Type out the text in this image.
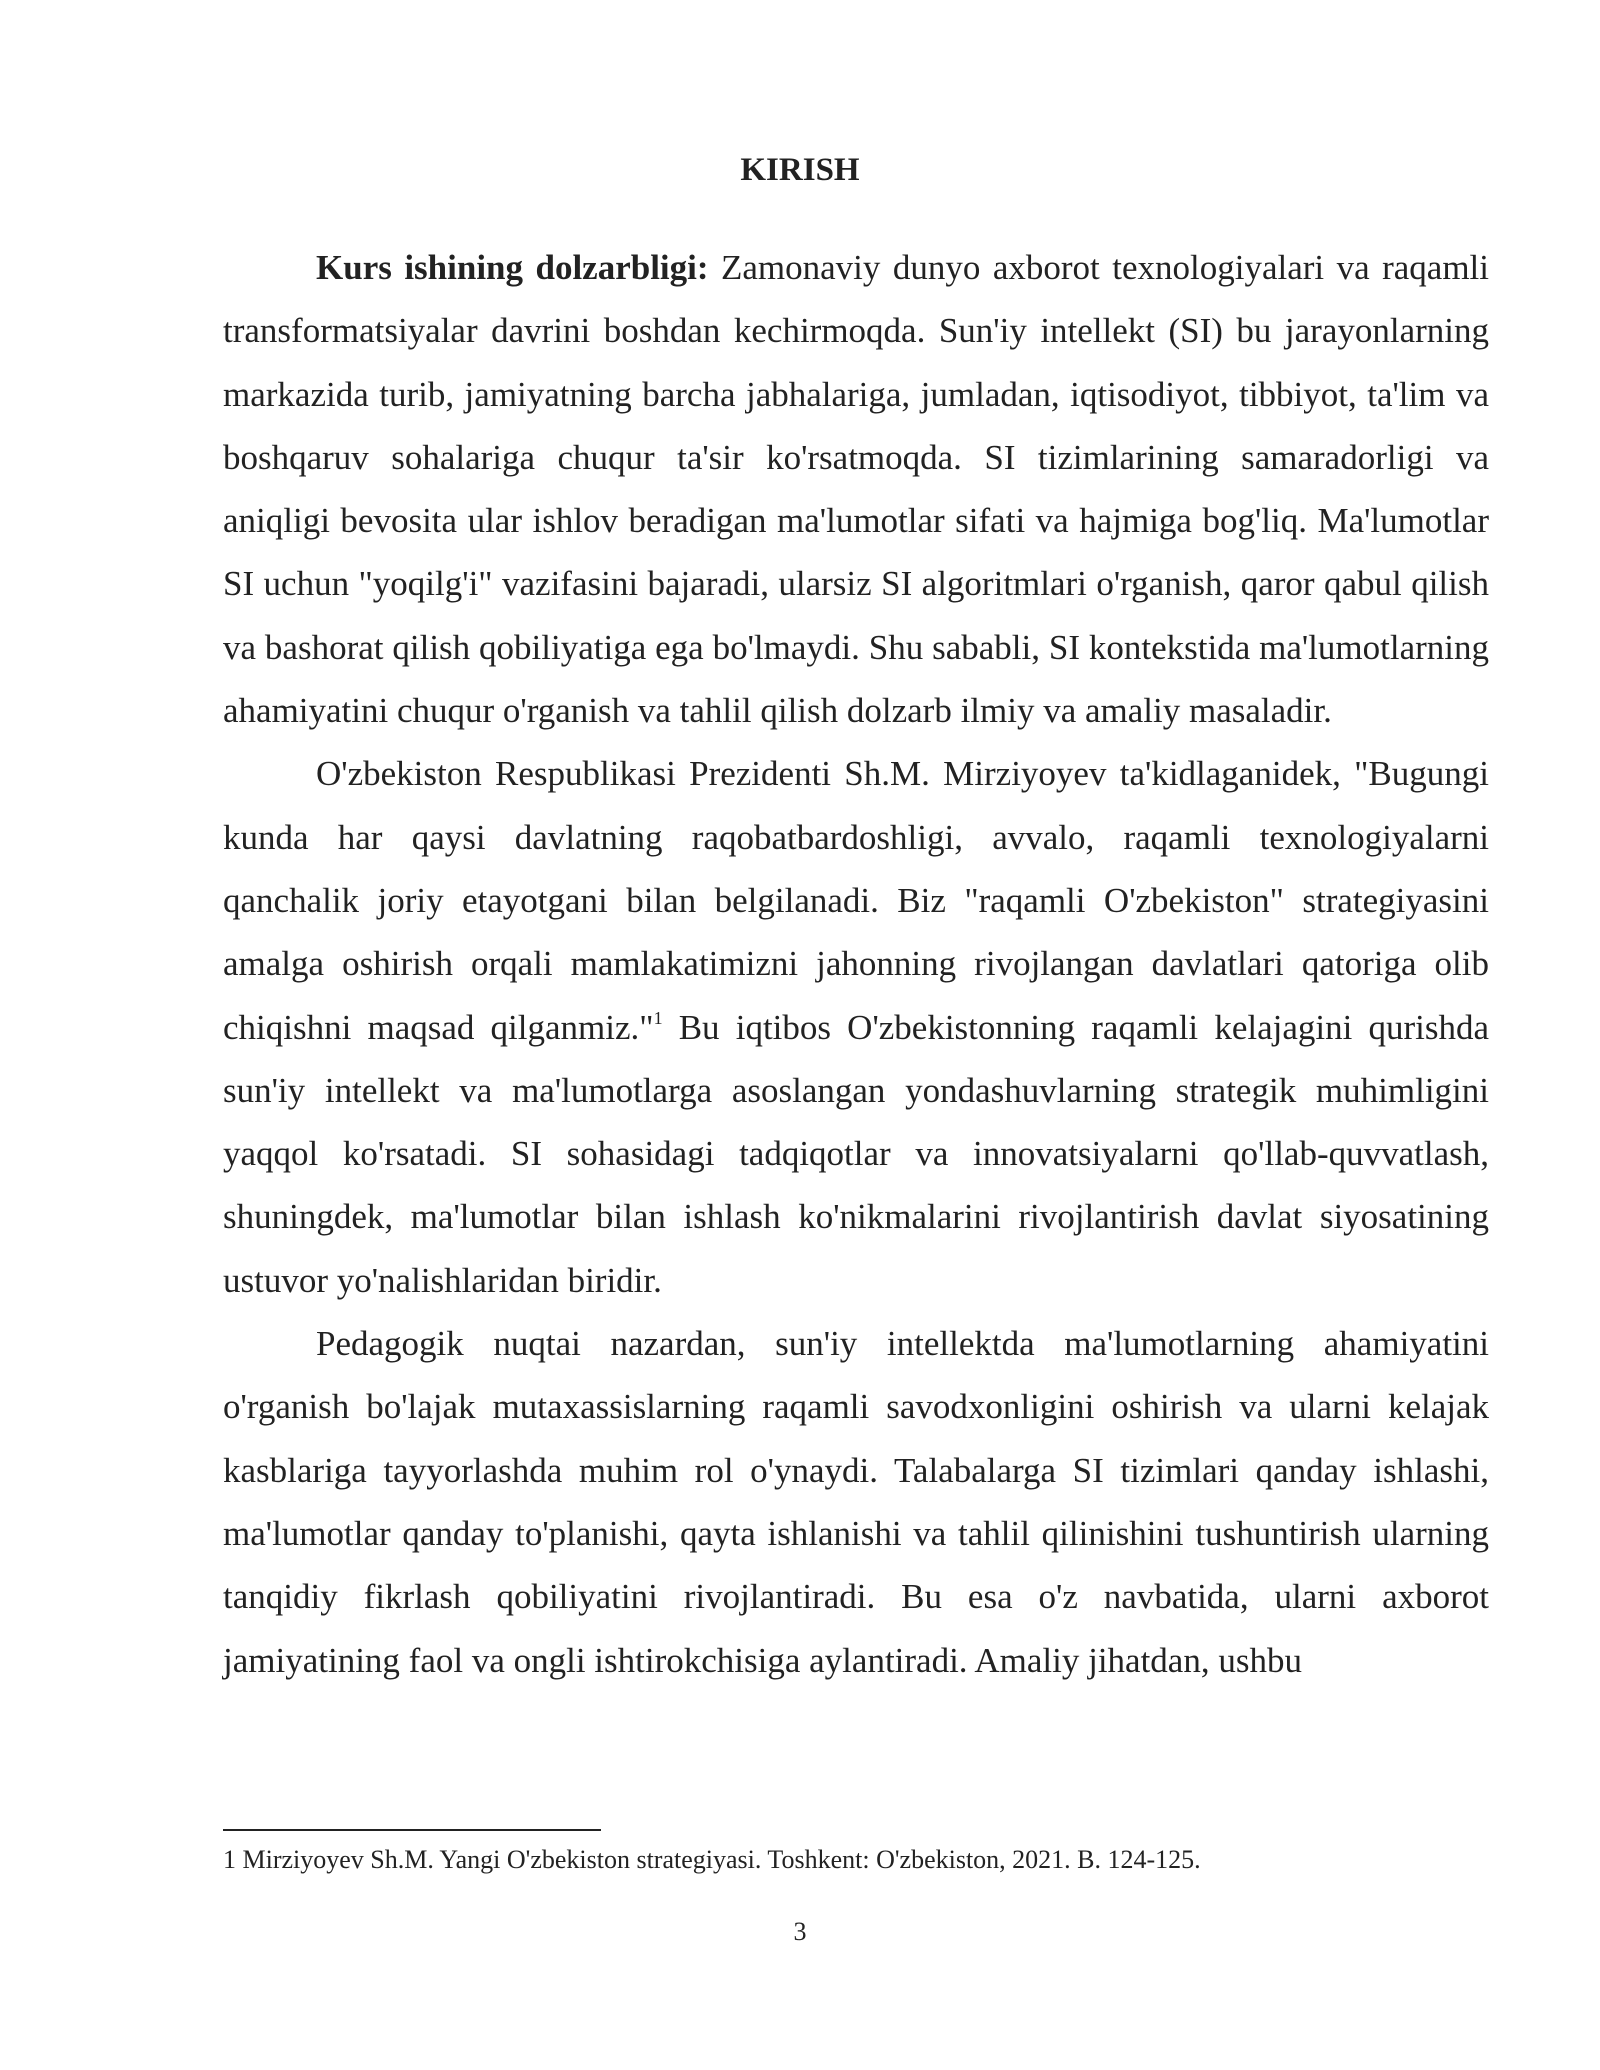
KIRISH

Kurs ishining dolzarbligi: Zamonaviy dunyo axborot texnologiyalari va raqamli transformatsiyalar davrini boshdan kechirmoqda. Sun'iy intellekt (SI) bu jarayonlarning markazida turib, jamiyatning barcha jabhalariga, jumladan, iqtisodiyot, tibbiyot, ta'lim va boshqaruv sohalariga chuqur ta'sir ko'rsatmoqda. SI tizimlarining samaradorligi va aniqligi bevosita ular ishlov beradigan ma'lumotlar sifati va hajmiga bog'liq. Ma'lumotlar SI uchun "yoqilg'i" vazifasini bajaradi, ularsiz SI algoritmlari o'rganish, qaror qabul qilish va bashorat qilish qobiliyatiga ega bo'lmaydi. Shu sababli, SI kontekstida ma'lumotlarning ahamiyatini chuqur o'rganish va tahlil qilish dolzarb ilmiy va amaliy masaladir.

O'zbekiston Respublikasi Prezidenti Sh.M. Mirziyoyev ta'kidlaganidek, "Bugungi kunda har qaysi davlatning raqobatbardoshligi, avvalo, raqamli texnologiyalarni qanchalik joriy etayotgani bilan belgilanadi. Biz "raqamli O'zbekiston" strategiyasini amalga oshirish orqali mamlakatimizni jahonning rivojlangan davlatlari qatoriga olib chiqishni maqsad qilganmiz."$^1$ Bu iqtibos O'zbekistonning raqamli kelajagini qurishda sun'iy intellekt va ma'lumotlarga asoslangan yondashuvlarning strategik muhimligini yaqqol ko'rsatadi. SI sohasidagi tadqiqotlar va innovatsiyalarni qo'llab-quvvatlash, shuningdek, ma'lumotlar bilan ishlash ko'nikmalarini rivojlantirish davlat siyosatining ustuvor yo'nalishlaridan biridir.

Pedagogik nuqtai nazardan, sun'iy intellektda ma'lumotlarning ahamiyatini o'rganish bo'lajak mutaxassislarning raqamli savodxonligini oshirish va ularni kelajak kasblariga tayyorlashda muhim rol o'ynaydi. Talabalarga SI tizimlari qanday ishlashi, ma'lumotlar qanday to'planishi, qayta ishlanishi va tahlil qilinishini tushuntirish ularning tanqidiy fikrlash qobiliyatini rivojlantiradi. Bu esa o'z navbatida, ularni axborot jamiyatining faol va ongli ishtirokchisiga aylantiradi. Amaliy jihatdan, ushbu

1 Mirziyoyev Sh.M. Yangi O'zbekiston strategiyasi. Toshkent: O'zbekiston, 2021. B. 124-125.
3
